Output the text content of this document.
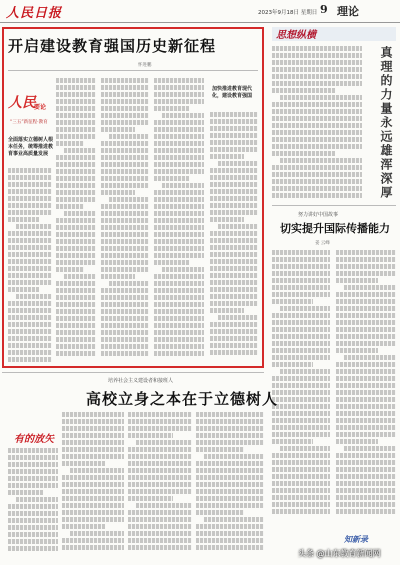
人民日报	2023年9月18日 星期日 9 理论
开启建设教育强国历史新征程
怀进鹏
人民
要论
“三五”新征程·教育
全面落实立德树人根本任务，统筹推进教育事业高质量发展
加快推进教育现代化，建设教育强国
思想纵横
真理的力量永远雄浑深厚
努力讲好中国故事
切实提升国际传播能力
姜 云峰
培养社会主义建设者和接班人
高校立身之本在于立德树人
有的放矢
知新录
头条 @山东教育新闻网
